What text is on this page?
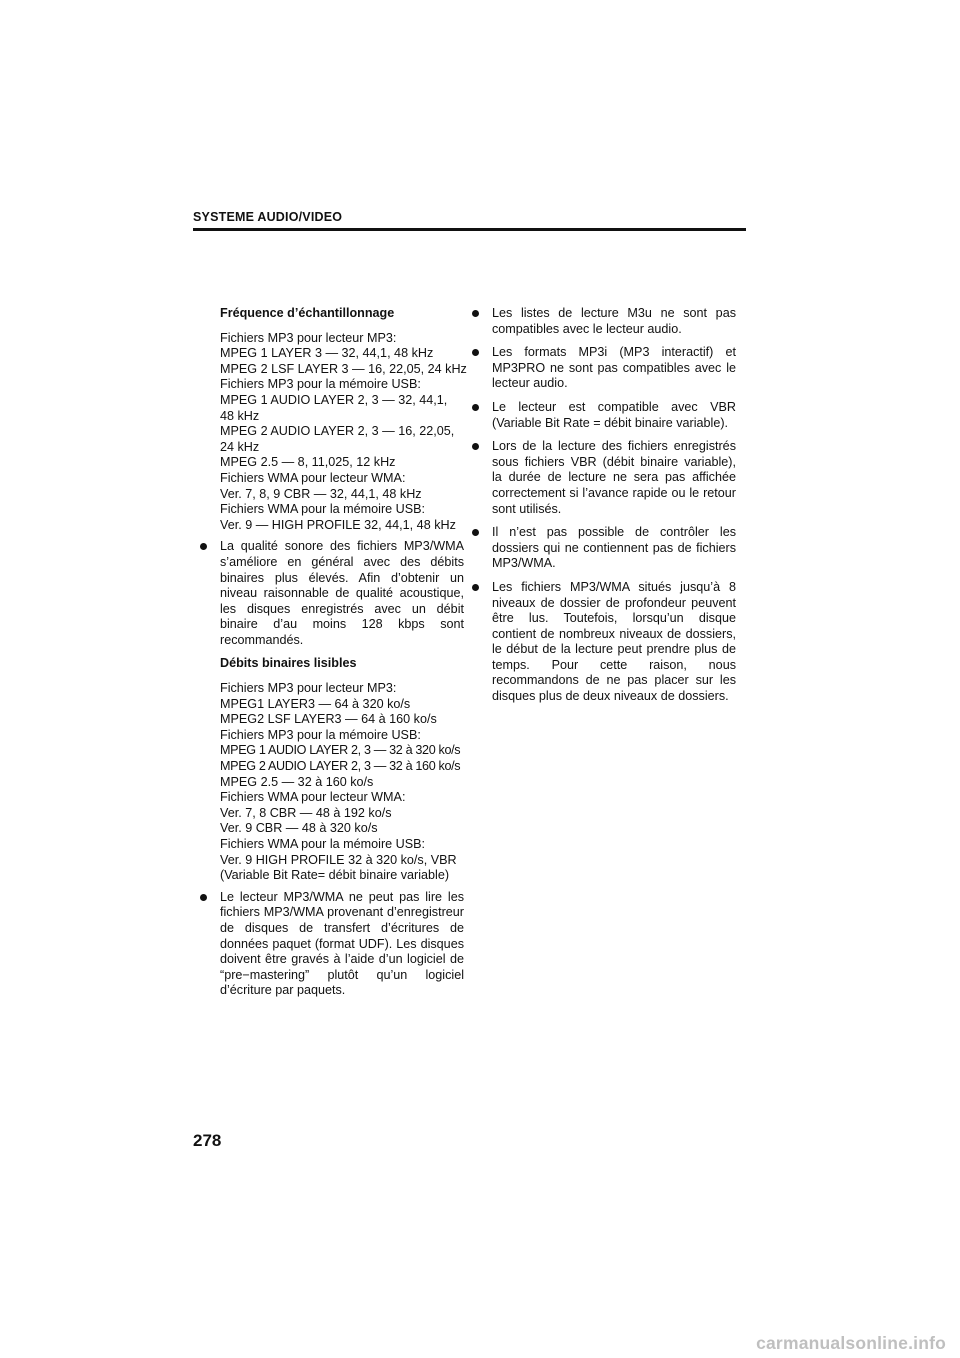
SYSTEME AUDIO/VIDEO
Fréquence d’échantillonnage
Fichiers MP3 pour lecteur MP3:
MPEG 1 LAYER 3 — 32, 44,1, 48 kHz
MPEG 2 LSF LAYER 3 — 16, 22,05, 24 kHz
Fichiers MP3 pour la mémoire USB:
MPEG 1 AUDIO LAYER 2, 3 — 32, 44,1, 48 kHz
MPEG 2 AUDIO LAYER 2, 3 — 16, 22,05, 24 kHz
MPEG 2.5 — 8, 11,025, 12 kHz
Fichiers WMA pour lecteur WMA:
Ver. 7, 8, 9 CBR — 32, 44,1, 48 kHz
Fichiers WMA pour la mémoire USB:
Ver. 9 — HIGH PROFILE 32, 44,1, 48 kHz
La qualité sonore des fichiers MP3/WMA s’améliore en général avec des débits binaires plus élevés. Afin d’obtenir un niveau raisonnable de qualité acoustique, les disques enregistrés avec un débit binaire d’au moins 128 kbps sont recommandés.
Débits binaires lisibles
Fichiers MP3 pour lecteur MP3:
MPEG1 LAYER3 — 64 à 320 ko/s
MPEG2 LSF LAYER3 — 64 à 160 ko/s
Fichiers MP3 pour la mémoire USB:
MPEG 1 AUDIO LAYER 2, 3 — 32 à 320 ko/s
MPEG 2 AUDIO LAYER 2, 3 — 32 à 160 ko/s
MPEG 2.5 — 32 à 160 ko/s
Fichiers WMA pour lecteur WMA:
Ver. 7, 8 CBR — 48 à 192 ko/s
Ver. 9 CBR — 48 à 320 ko/s
Fichiers WMA pour la mémoire USB:
Ver. 9 HIGH PROFILE 32 à 320 ko/s, VBR (Variable Bit Rate= débit binaire variable)
Le lecteur MP3/WMA ne peut pas lire les fichiers MP3/WMA provenant d’enregistreur de disques de transfert d’écritures de données paquet (format UDF). Les disques doivent être gravés à l’aide d’un logiciel de “pre−mastering” plutôt qu’un logiciel d’écriture par paquets.
Les listes de lecture M3u ne sont pas compatibles avec le lecteur audio.
Les formats MP3i (MP3 interactif) et MP3PRO ne sont pas compatibles avec le lecteur audio.
Le lecteur est compatible avec VBR (Variable Bit Rate = débit binaire variable).
Lors de la lecture des fichiers enregistrés sous fichiers VBR (débit binaire variable), la durée de lecture ne sera pas affichée correctement si l’avance rapide ou le retour sont utilisés.
Il n’est pas possible de contrôler les dossiers qui ne contiennent pas de fichiers MP3/WMA.
Les fichiers MP3/WMA situés jusqu’à 8 niveaux de dossier de profondeur peuvent être lus. Toutefois, lorsqu’un disque contient de nombreux niveaux de dossiers, le début de la lecture peut prendre plus de temps. Pour cette raison, nous recommandons de ne pas placer sur les disques plus de deux niveaux de dossiers.
278
carmanualsonline.info
